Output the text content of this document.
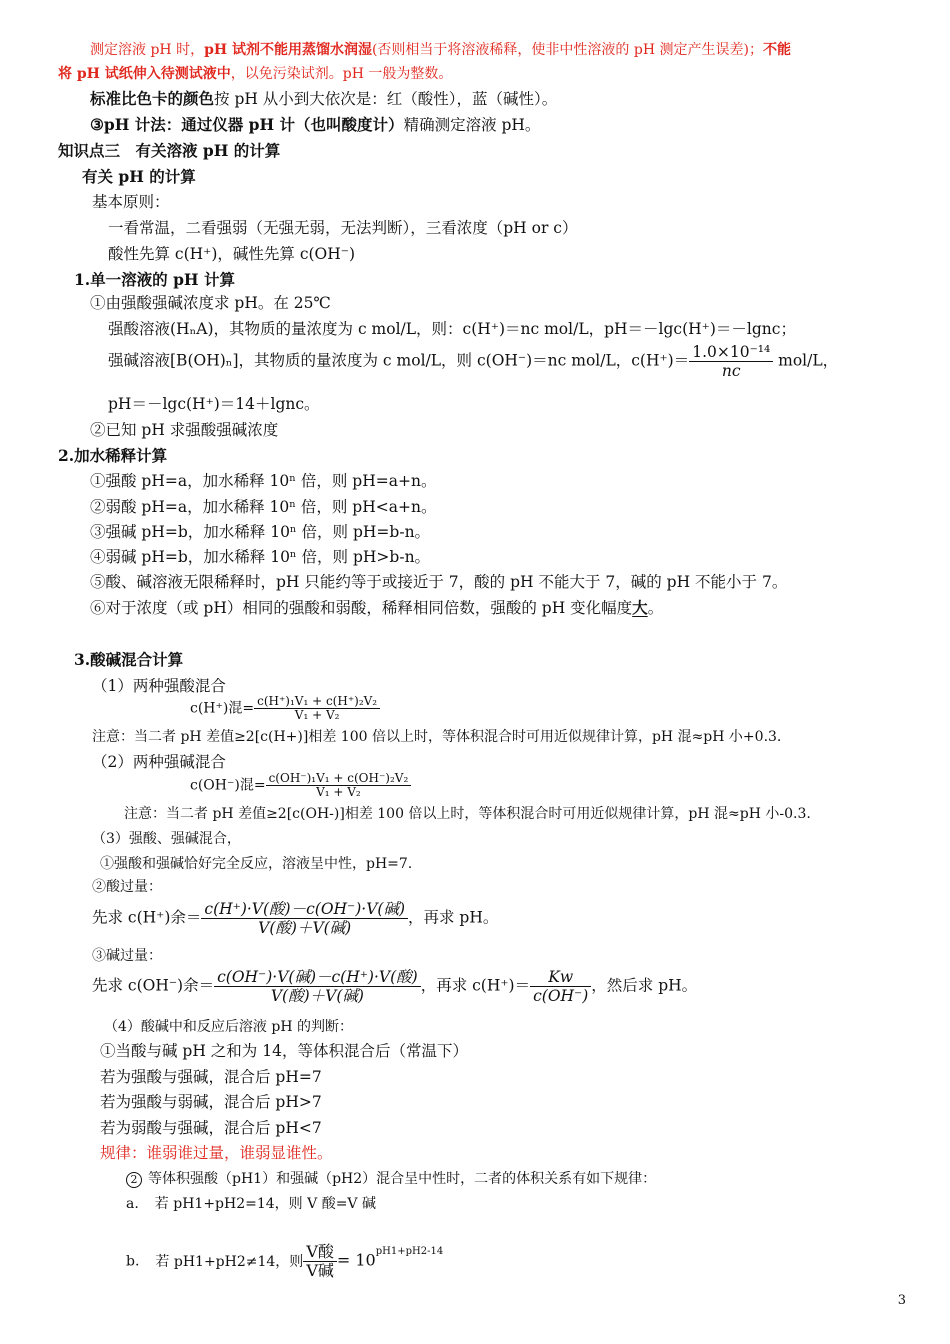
测定溶液 pH 时，pH 试剂不能用蒸馏水润湿(否则相当于将溶液稀释，使非中性溶液的 pH 测定产生误差)；不能
将 pH 试纸伸入待测试液中，以免污染试剂。pH 一般为整数。
标准比色卡的颜色按 pH 从小到大依次是：红（酸性），蓝（碱性）。
③pH 计法：通过仪器 pH 计（也叫酸度计）精确测定溶液 pH。
知识点三　有关溶液 pH 的计算
有关 pH 的计算
基本原则：
一看常温，二看强弱（无强无弱，无法判断），三看浓度（pH or c）
酸性先算 c(H⁺)，碱性先算 c(OH⁻)
1.单一溶液的 pH 计算
①由强酸强碱浓度求 pH。在 25℃
强酸溶液(HₙA)，其物质的量浓度为 c mol/L，则：c(H⁺)＝nc mol/L，pH＝－lgc(H⁺)＝－lgnc；
强碱溶液[B(OH)ₙ]，其物质的量浓度为 c mol/L，则 c(OH⁻)＝nc mol/L，$c(H^+)= \frac{\text{1.0×10⁻¹⁴}}{nc} mol/L$，
pH＝－lgc(H⁺)＝14＋lgnc。
②已知 pH 求强酸强碱浓度
2.加水稀释计算
①强酸 pH=a，加水稀释 10ⁿ 倍，则 pH=a+n。
②弱酸 pH=a，加水稀释 10ⁿ 倍，则 pH<a+n。
③强碱 pH=b，加水稀释 10ⁿ 倍，则 pH=b-n。
④弱碱 pH=b，加水稀释 10ⁿ 倍，则 pH>b-n。
⑤酸、碱溶液无限稀释时，pH 只能约等于或接近于 7，酸的 pH 不能大于 7，碱的 pH 不能小于 7。
⑥对于浓度（或 pH）相同的强酸和弱酸，稀释相同倍数，强酸的 pH 变化幅度大。
3.酸碱混合计算
（1）两种强酸混合
c(H⁺)混= $\frac{\text{c(H⁺)₁V₁ + c(H⁺)₂V₂}}{\text{V₁ + V₂}}$
注意：当二者 pH 差值≥2[c(H+)]相差 100 倍以上时，等体积混合时可用近似规律计算，pH 混≈pH 小+0.3.
（2）两种强碱混合
c(OH⁻)混= $\frac{\text{c(OH⁻)₁V₁ + c(OH⁻)₂V₂}}{\text{V₁ + V₂}}$
注意：当二者 pH 差值≥2[c(OH-)]相差 100 倍以上时，等体积混合时可用近似规律计算，pH 混≈pH 小-0.3.
（3）强酸、强碱混合，
①强酸和强碱恰好完全反应，溶液呈中性，pH=7.
②酸过量：
先求 c(H⁺)余＝ $\frac{\text{c(H⁺)·V(酸)－c(OH⁻)·V(碱)}}{\text{V(酸)＋V(碱)}}$ ，再求 pH。
③碱过量：
先求 c(OH⁻)余＝ $\frac{\text{c(OH⁻)·V(碱)－c(H⁺)·V(酸)}}{\text{V(酸)＋V(碱)}}$ ，再求 $c(H^+)= \frac{Kw}{c(OH^-)}$ ，然后求 pH。
（4）酸碱中和反应后溶液 pH 的判断：
①当酸与碱 pH 之和为 14，等体积混合后（常温下）
若为强酸与强碱，混合后 pH=7
若为强酸与弱碱，混合后 pH>7
若为弱酸与强碱，混合后 pH<7
规律：谁弱谁过量，谁弱显谁性。
2 等体积强酸（pH1）和强碱（pH2）混合呈中性时，二者的体积关系有如下规律：
a. 若 pH1+pH2=14，则 V 酸=V 碱
b. 若 pH1+pH2≠14，则 $\frac{\text{V酸}}{\text{V碱}} = 10^{pH1+pH2-14}$
3
